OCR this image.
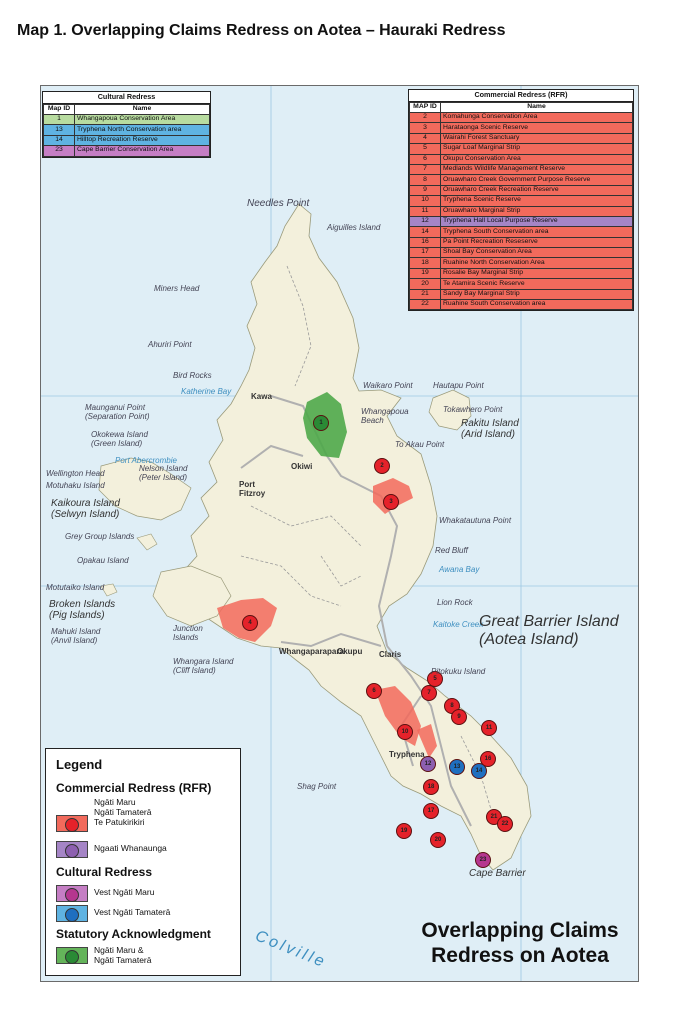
Map 1. Overlapping Claims Redress on Aotea – Hauraki Redress
1
2
3
4
5
6	7
8
9
10
11
12	13
14
16
17
18
19
20
21
22
23
Needles Point
Aiguilles Island
Miners Head
Ahuriri Point
Bird Rocks
Katherine Bay
Maunganui Point
(Separation Point)
Okokewa Island
(Green Island)
Port Abercrombie
Nelson Island
(Peter Island)
Wellington Head
Motuhaku Island
Kaikoura Island
(Selwyn Island)
Grey Group Islands
Opakau Island
Motutaiko Island
Broken Islands
(Pig Islands)
Mahuki Island
(Anvil Island)
Junction
Islands
Whangara Island
(Cliff Island)
Waikaro Point	Hautapu Point
Tokawhero Point
Rakitu Island
(Arid Island)
Whangapoua
Beach
To Akau Point
Whakatautuna Point
Red Bluff
Awana Bay
Lion Rock
Kaitoke Creek
Pitokuku Island
Shag Point
Cape Barrier
Colville
Great Barrier Island
(Aotea Island)
Port
Fitzroy
Okiwi
Claris
Okupu
Whangaparapara
Tryphena
Kawa
Cultural Redress
Map ID	Name
1	Whangapoua Conservation Area
13	Tryphena North Conservation area
14	Hilltop Recreation Reserve
23	Cape Barrier Conservation Area
Commercial Redress (RFR)
MAP ID	Name
2	Komahunga Conservation Area
3	Harataonga Scenic Reserve
4	Wairahi Forest Sanctuary
5	Sugar Loaf Marginal Strip
6	Okupu Conservation Area
7	Medlands Wildlife Management Reserve
8	Oruawharo Creek Government Purpose Reserve
9	Oruawharo Creek Recreation Reserve
10	Tryphena Scenic Reserve
11	Oruawharo Marginal Strip
12	Tryphena Hall Local Purpose Reserve
14	Tryphena South Conservation area
16	Pa Point Recreation Reseserve
17	Shoal Bay Conservation Area
18	Ruahine North Conservation Area
19	Rosalie Bay Marginal Strip
20	Te Atamira Scenic Reserve
21	Sandy Bay Marginal Strip
22	Ruahine South Conservation area
Legend
Commercial Redress (RFR)
Ngāti Maru
Ngāti Tamaterā
Te Patukirikiri
Ngaati Whanaunga
Cultural Redress
Vest Ngāti Maru
Vest Ngāti Tamaterā
Statutory Acknowledgment
Ngāti Maru &
Ngāti Tamaterā
Overlapping Claims
Redress on Aotea
